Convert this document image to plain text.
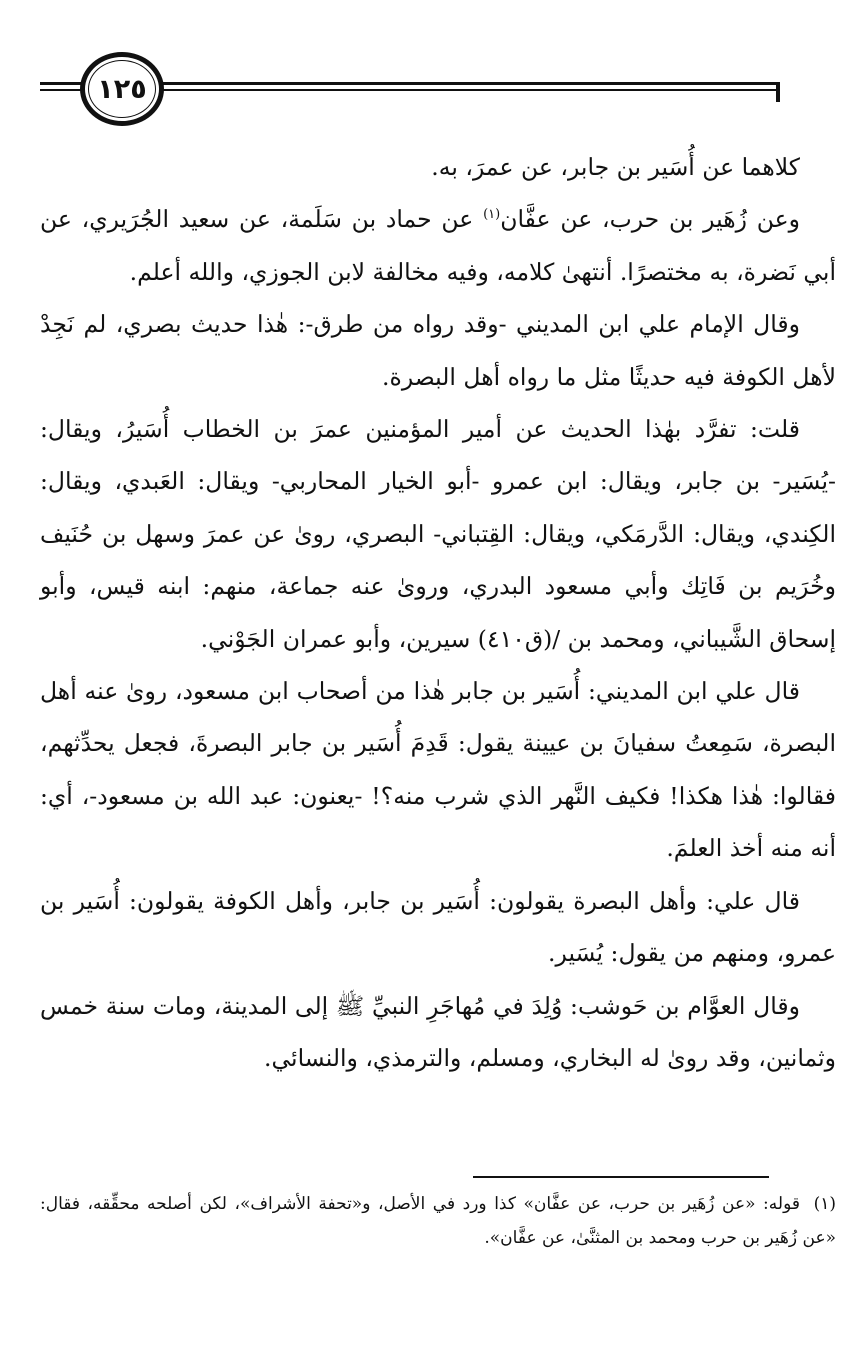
١٢٥

كلاهما عن أُسَير بن جابر، عن عمرَ، به.

وعن زُهَير بن حرب، عن عفَّان$^{(١)}$ عن حماد بن سَلَمة، عن سعيد الجُرَيري، عن أبي نَضرة، به مختصرًا. أنتهىٰ كلامه، وفيه مخالفة لابن الجوزي، والله أعلم.

وقال الإمام علي ابن المديني -وقد رواه من طرق-: هٰذا حديث بصري، لم نَجِدْ لأهل الكوفة فيه حديثًا مثل ما رواه أهل البصرة.

قلت: تفرَّد بهٰذا الحديث عن أمير المؤمنين عمرَ بن الخطاب أُسَيرُ، ويقال: -يُسَير- بن جابر، ويقال: ابن عمرو -أبو الخيار المحاربي- ويقال: العَبدي، ويقال: الكِندي، ويقال: الدَّرمَكي، ويقال: القِتباني- البصري، روىٰ عن عمرَ وسهل بن حُنَيف وخُرَيم بن فَاتِك وأبي مسعود البدري، وروىٰ عنه جماعة، منهم: ابنه قيس، وأبو إسحاق الشَّيباني، ومحمد بن /(ق٤١٠) سيرين، وأبو عمران الجَوْني.

قال علي ابن المديني: أُسَير بن جابر هٰذا من أصحاب ابن مسعود، روىٰ عنه أهل البصرة، سَمِعتُ سفيانَ بن عيينة يقول: قَدِمَ أُسَير بن جابر البصرةَ، فجعل يحدِّثهم، فقالوا: هٰذا هكذا! فكيف النَّهر الذي شرب منه؟! -يعنون: عبد الله بن مسعود-، أي: أنه منه أخذ العلمَ.

قال علي: وأهل البصرة يقولون: أُسَير بن جابر، وأهل الكوفة يقولون: أُسَير بن عمرو، ومنهم من يقول: يُسَير.

وقال العوَّام بن حَوشب: وُلِدَ في مُهاجَرِ النبيِّ ﷺ إلى المدينة، ومات سنة خمس وثمانين، وقد روىٰ له البخاري، ومسلم، والترمذي، والنسائي.

(١)قوله: «عن زُهَير بن حرب، عن عفَّان» كذا ورد في الأصل، و«تحفة الأشراف»، لكن أصلحه محقِّقه، فقال: «عن زُهَير بن حرب ومحمد بن المثنَّىٰ، عن عفَّان».
